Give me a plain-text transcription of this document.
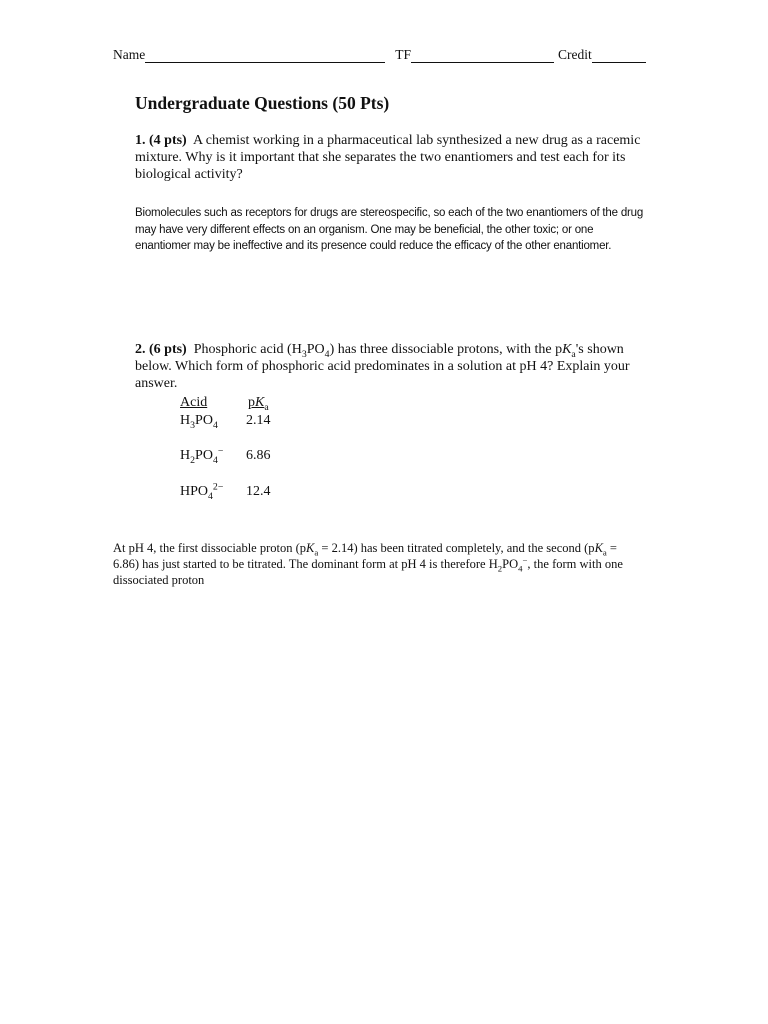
Name	TF	Credit
Undergraduate Questions (50 Pts)
1. (4 pts) A chemist working in a pharmaceutical lab synthesized a new drug as a racemic mixture. Why is it important that she separates the two enantiomers and test each for its biological activity?
Biomolecules such as receptors for drugs are stereospecific, so each of the two enantiomers of the drug may have very different effects on an organism. One may be beneficial, the other toxic; or one enantiomer may be ineffective and its presence could reduce the efficacy of the other enantiomer.
2. (6 pts) Phosphoric acid $(H_3PO_4)$ has three dissociable protons, with the $pK_a's$ shown below. Which form of phosphoric acid predominates in a solution at pH 4? Explain your answer.
Acid	$pK_a$
$H_3PO_4$ 2.14
$H_2PO_4^-$ 6.86
$HPO_4^{2-}$ 12.4
At pH 4, the first dissociable proton $(pK_a = 2.14)$ has been titrated completely, and the second $(pK_a = 6.86)$ has just started to be titrated. The dominant form at pH 4 is therefore $H_2PO_4^-$, the form with one dissociated proton
